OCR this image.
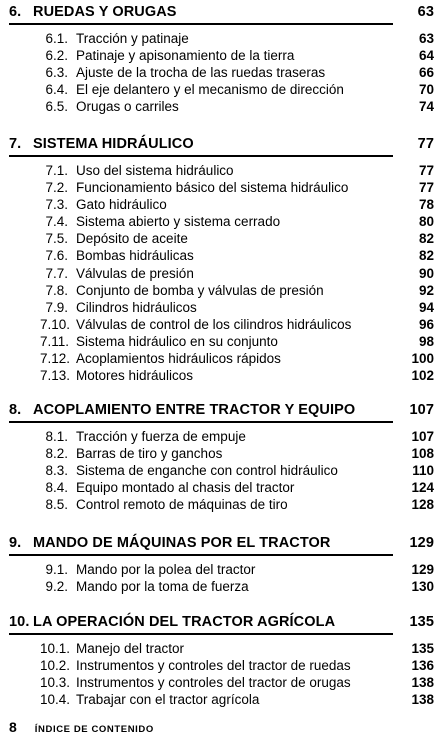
6. RUEDAS Y ORUGAS	63
6.1. Tracción y patinaje	63
6.2. Patinaje y apisonamiento de la tierra	64
6.3. Ajuste de la trocha de las ruedas traseras	66
6.4. El eje delantero y el mecanismo de dirección	70
6.5. Orugas o carriles	74
7. SISTEMA HIDRÁULICO	77
7.1. Uso del sistema hidráulico	77
7.2. Funcionamiento básico del sistema hidráulico	77
7.3. Gato hidráulico	78
7.4. Sistema abierto y sistema cerrado	80
7.5. Depósito de aceite	82
7.6. Bombas hidráulicas	82
7.7. Válvulas de presión	90
7.8. Conjunto de bomba y válvulas de presión	92
7.9. Cilindros hidráulicos	94
7.10. Válvulas de control de los cilindros hidráulicos	96
7.11. Sistema hidráulico en su conjunto	98
7.12. Acoplamientos hidráulicos rápidos	100
7.13. Motores hidráulicos	102
8. ACOPLAMIENTO ENTRE TRACTOR Y EQUIPO	107
8.1. Tracción y fuerza de empuje	107
8.2. Barras de tiro y ganchos	108
8.3. Sistema de enganche con control hidráulico	110
8.4. Equipo montado al chasis del tractor	124
8.5. Control remoto de máquinas de tiro	128
9. MANDO DE MÁQUINAS POR EL TRACTOR	129
9.1. Mando por la polea del tractor	129
9.2. Mando por la toma de fuerza	130
10. LA OPERACIÓN DEL TRACTOR AGRÍCOLA	135
10.1. Manejo del tractor	135
10.2. Instrumentos y controles del tractor de ruedas	136
10.3. Instrumentos y controles del tractor de orugas	138
10.4. Trabajar con el tractor agrícola	138
8 ÍNDICE DE CONTENIDO
